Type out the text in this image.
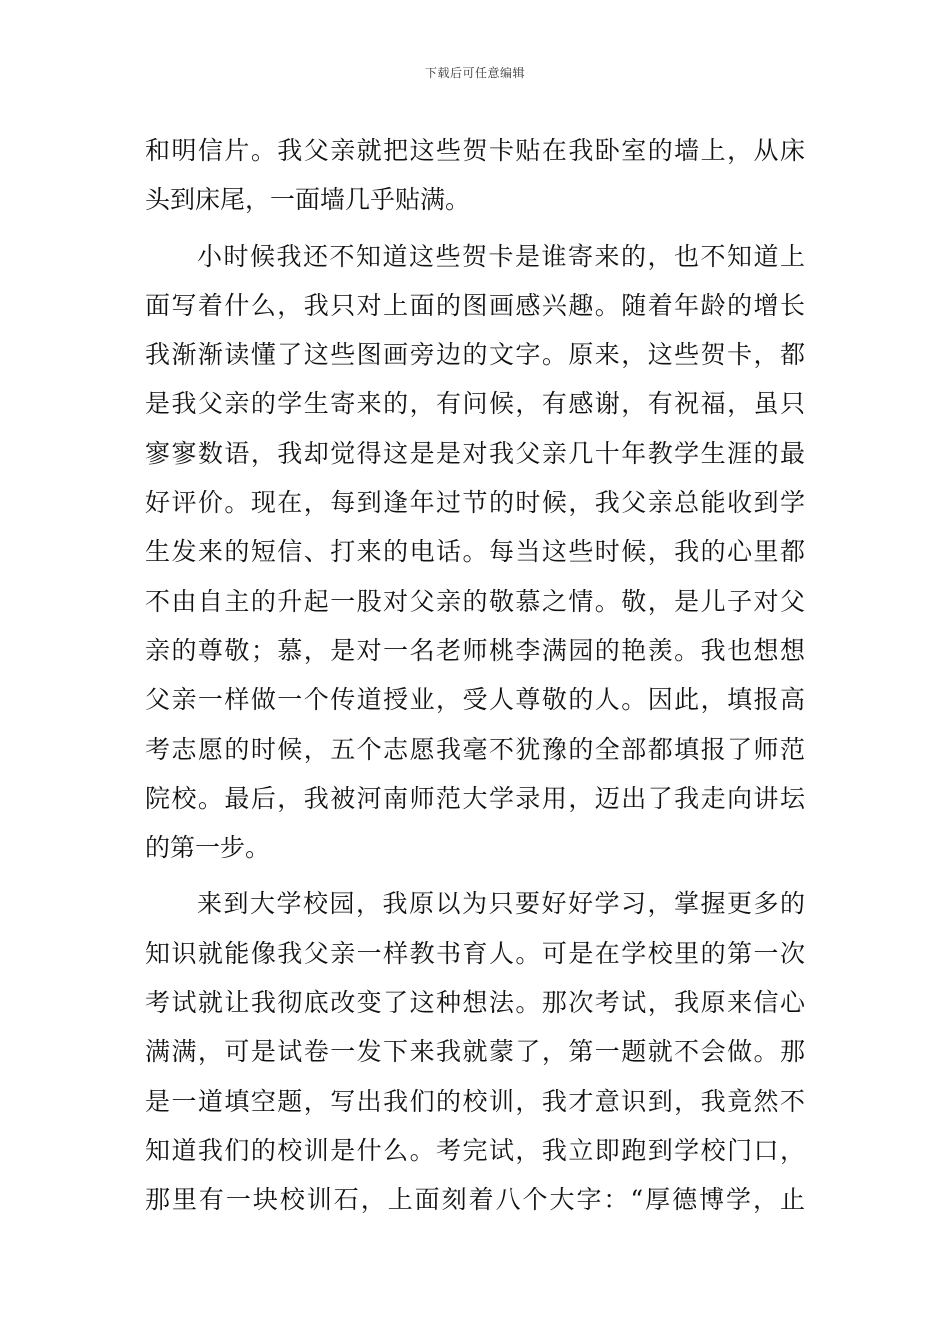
下载后可任意编辑
和明信片。我父亲就把这些贺卡贴在我卧室的墙上，从床
头到床尾，一面墙几乎贴满。
小时候我还不知道这些贺卡是谁寄来的，也不知道上
面写着什么，我只对上面的图画感兴趣。随着年龄的增长
我渐渐读懂了这些图画旁边的文字。原来，这些贺卡，都
是我父亲的学生寄来的，有问候，有感谢，有祝福，虽只
寥寥数语，我却觉得这是是对我父亲几十年教学生涯的最
好评价。现在，每到逢年过节的时候，我父亲总能收到学
生发来的短信、打来的电话。每当这些时候，我的心里都
不由自主的升起一股对父亲的敬慕之情。敬，是儿子对父
亲的尊敬；慕，是对一名老师桃李满园的艳羡。我也想想
父亲一样做一个传道授业，受人尊敬的人。因此，填报高
考志愿的时候，五个志愿我毫不犹豫的全部都填报了师范
院校。最后，我被河南师范大学录用，迈出了我走向讲坛
的第一步。
来到大学校园，我原以为只要好好学习，掌握更多的
知识就能像我父亲一样教书育人。可是在学校里的第一次
考试就让我彻底改变了这种想法。那次考试，我原来信心
满满，可是试卷一发下来我就蒙了，第一题就不会做。那
是一道填空题，写出我们的校训，我才意识到，我竟然不
知道我们的校训是什么。考完试，我立即跑到学校门口，
那里有一块校训石，上面刻着八个大字：“厚德博学，止
